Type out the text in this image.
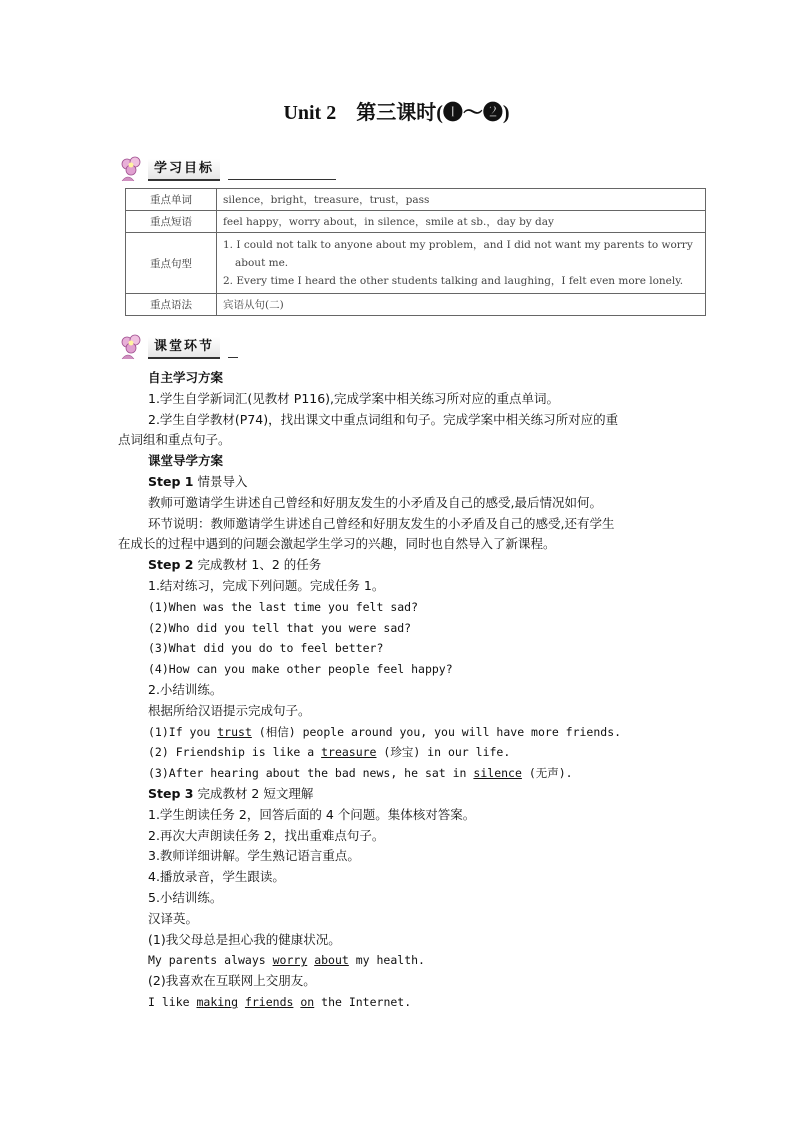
Unit 2　第三课时(❶～❷)
学习目标
重点单词	silence，bright，treasure，trust，pass
重点短语	feel happy，worry about，in silence，smile at sb.，day by day
重点句型	1. I could not talk to anyone about my problem，and I did not want my parents to worry
about me.
2. Every time I heard the other students talking and laughing，I felt even more lonely.

重点语法	宾语从句(二)
课堂环节
自主学习方案
1.学生自学新词汇(见教材 P116),完成学案中相关练习所对应的重点单词。
2.学生自学教材(P74)，找出课文中重点词组和句子。完成学案中相关练习所对应的重
点词组和重点句子。
课堂导学方案
Step 1 情景导入
教师可邀请学生讲述自己曾经和好朋友发生的小矛盾及自己的感受,最后情况如何。
环节说明：教师邀请学生讲述自己曾经和好朋友发生的小矛盾及自己的感受,还有学生
在成长的过程中遇到的问题会激起学生学习的兴趣，同时也自然导入了新课程。
Step 2 完成教材 1、2 的任务
1.结对练习，完成下列问题。完成任务 1。
(1)When was the last time you felt sad?
(2)Who did you tell that you were sad?
(3)What did you do to feel better?
(4)How can you make other people feel happy?
2.小结训练。
根据所给汉语提示完成句子。
(1)If you trust (相信) people around you, you will have more friends.
(2) Friendship is like a treasure (珍宝) in our life.
(3)After hearing about the bad news, he sat in silence (无声).
Step 3 完成教材 2 短文理解
1.学生朗读任务 2，回答后面的 4 个问题。集体核对答案。
2.再次大声朗读任务 2，找出重难点句子。
3.教师详细讲解。学生熟记语言重点。
4.播放录音，学生跟读。
5.小结训练。
汉译英。
(1)我父母总是担心我的健康状况。
My parents always worry about my health.
(2)我喜欢在互联网上交朋友。
I like making friends on the Internet.
